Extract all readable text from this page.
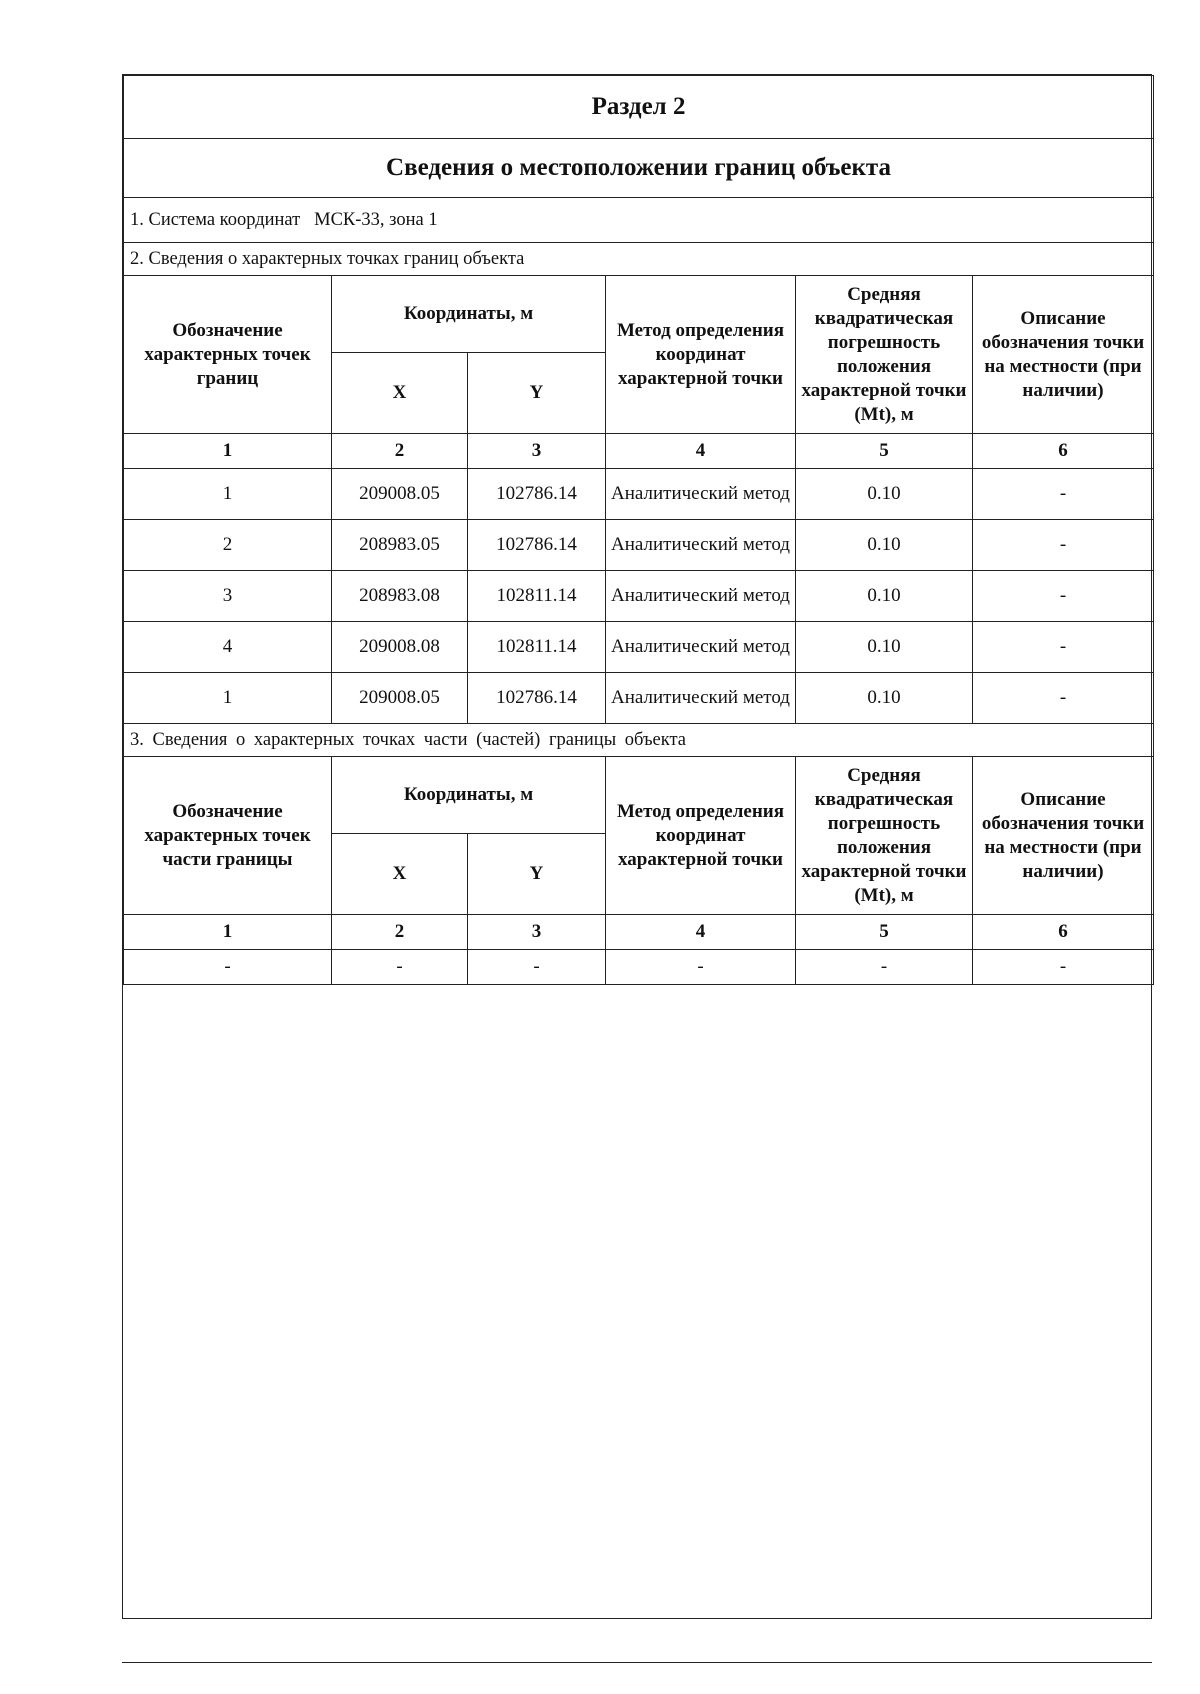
Раздел 2					
Сведения о местоположении границ объекта					
1. Система координат   МСК-33, зона 1					
2. Сведения о характерных точках границ объекта					
Обозначение характерных точек границ	Координаты, м		Метод определения координат характерной точки	Средняя квадратическая погрешность положения характерной точки (Mt), м	Описание обозначения точки на местности (при наличии)
	X	Y			
1	2	3	4	5	6
1	209008.05	102786.14	Аналитический метод	0.10	-
2	208983.05	102786.14	Аналитический метод	0.10	-
3	208983.08	102811.14	Аналитический метод	0.10	-
4	209008.08	102811.14	Аналитический метод	0.10	-
1	209008.05	102786.14	Аналитический метод	0.10	-
3. Сведения о характерных точках части (частей) границы объекта					
Обозначение характерных точек части границы	Координаты, м		Метод определения координат характерной точки	Средняя квадратическая погрешность положения характерной точки (Mt), м	Описание обозначения точки на местности (при наличии)
	X	Y			
1	2	3	4	5	6
-	-	-	-	-	-
